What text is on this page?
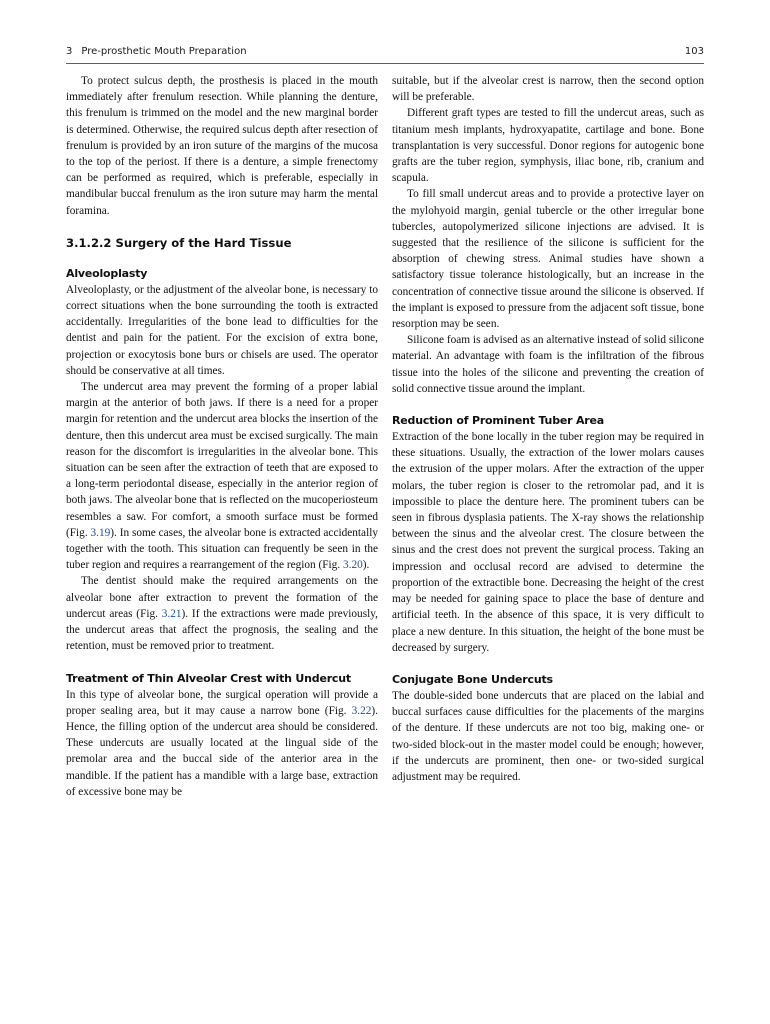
3 Pre-prosthetic Mouth Preparation	103

To protect sulcus depth, the prosthesis is placed in the mouth immediately after frenulum resection. While planning the denture, this frenulum is trimmed on the model and the new marginal border is determined. Otherwise, the required sulcus depth after resection of frenulum is provided by an iron suture of the margins of the mucosa to the top of the periost. If there is a denture, a simple frenectomy can be performed as required, which is preferable, especially in mandibular buccal frenulum as the iron suture may harm the mental foramina.

3.1.2.2 Surgery of the Hard Tissue
Alveoloplasty

Alveoloplasty, or the adjustment of the alveolar bone, is necessary to correct situations when the bone surrounding the tooth is extracted accidentally. Irregularities of the bone lead to difficulties for the dentist and pain for the patient. For the excision of extra bone, projection or exocytosis bone burs or chisels are used. The operator should be conservative at all times.

The undercut area may prevent the forming of a proper labial margin at the anterior of both jaws. If there is a need for a proper margin for retention and the undercut area blocks the insertion of the denture, then this undercut area must be excised surgically. The main reason for the discomfort is irregularities in the alveolar bone. This situation can be seen after the extraction of teeth that are exposed to a long-term periodontal disease, especially in the anterior region of both jaws. The alveolar bone that is reflected on the mucoperiosteum resembles a saw. For comfort, a smooth surface must be formed (Fig. 3.19). In some cases, the alveolar bone is extracted accidentally together with the tooth. This situation can frequently be seen in the tuber region and requires a rearrangement of the region (Fig. 3.20).

The dentist should make the required arrangements on the alveolar bone after extraction to prevent the formation of the undercut areas (Fig. 3.21). If the extractions were made previously, the undercut areas that affect the prognosis, the sealing and the retention, must be removed prior to treatment.

Treatment of Thin Alveolar Crest with Undercut

In this type of alveolar bone, the surgical operation will provide a proper sealing area, but it may cause a narrow bone (Fig. 3.22). Hence, the filling option of the undercut area should be considered. These undercuts are usually located at the lingual side of the premolar area and the buccal side of the anterior area in the mandible. If the patient has a mandible with a large base, extraction of excessive bone may be

suitable, but if the alveolar crest is narrow, then the second option will be preferable.

Different graft types are tested to fill the undercut areas, such as titanium mesh implants, hydroxyapatite, cartilage and bone. Bone transplantation is very successful. Donor regions for autogenic bone grafts are the tuber region, symphysis, iliac bone, rib, cranium and scapula.

To fill small undercut areas and to provide a protective layer on the mylohyoid margin, genial tubercle or the other irregular bone tubercles, autopolymerized silicone injections are advised. It is suggested that the resilience of the silicone is sufficient for the absorption of chewing stress. Animal studies have shown a satisfactory tissue tolerance histologically, but an increase in the concentration of connective tissue around the silicone is observed. If the implant is exposed to pressure from the adjacent soft tissue, bone resorption may be seen.

Silicone foam is advised as an alternative instead of solid silicone material. An advantage with foam is the infiltration of the fibrous tissue into the holes of the silicone and preventing the creation of solid connective tissue around the implant.

Reduction of Prominent Tuber Area

Extraction of the bone locally in the tuber region may be required in these situations. Usually, the extraction of the lower molars causes the extrusion of the upper molars. After the extraction of the upper molars, the tuber region is closer to the retromolar pad, and it is impossible to place the denture here. The prominent tubers can be seen in fibrous dysplasia patients. The X-ray shows the relationship between the sinus and the alveolar crest. The closure between the sinus and the crest does not prevent the surgical process. Taking an impression and occlusal record are advised to determine the proportion of the extractible bone. Decreasing the height of the crest may be needed for gaining space to place the base of denture and artificial teeth. In the absence of this space, it is very difficult to place a new denture. In this situation, the height of the bone must be decreased by surgery.

Conjugate Bone Undercuts

The double-sided bone undercuts that are placed on the labial and buccal surfaces cause difficulties for the placements of the margins of the denture. If these undercuts are not too big, making one- or two-sided block-out in the master model could be enough; however, if the undercuts are prominent, then one- or two-sided surgical adjustment may be required.
